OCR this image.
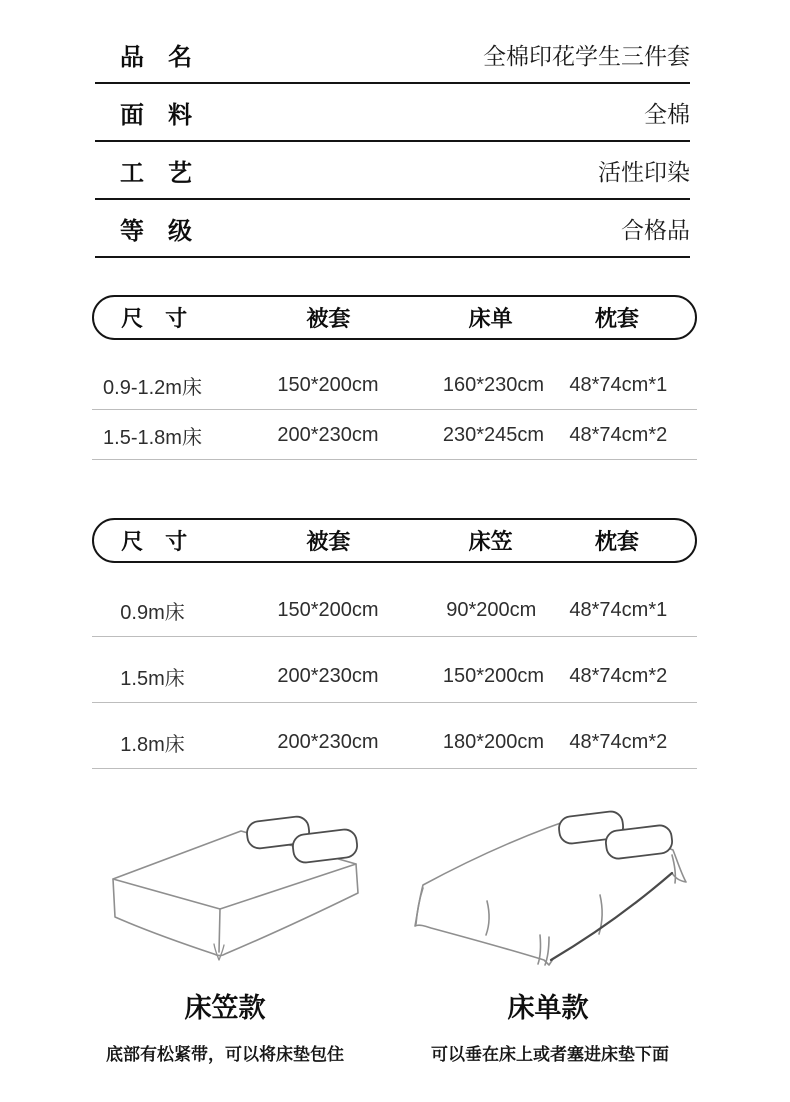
品　名	全棉印花学生三件套
面　料	全棉
工　艺	活性印染
等　级	合格品
尺　寸	被套	床单	枕套
0.9-1.2m床	150*200cm	160*230cm	48*74cm*1
1.5-1.8m床	200*230cm	230*245cm	48*74cm*2
尺　寸	被套	床笠	枕套
0.9m床	150*200cm	90*200cm	48*74cm*1
1.5m床	200*230cm	150*200cm	48*74cm*2
1.8m床	200*230cm	180*200cm	48*74cm*2
床笠款	床单款
底部有松紧带，可以将床垫包住	可以垂在床上或者塞进床垫下面
